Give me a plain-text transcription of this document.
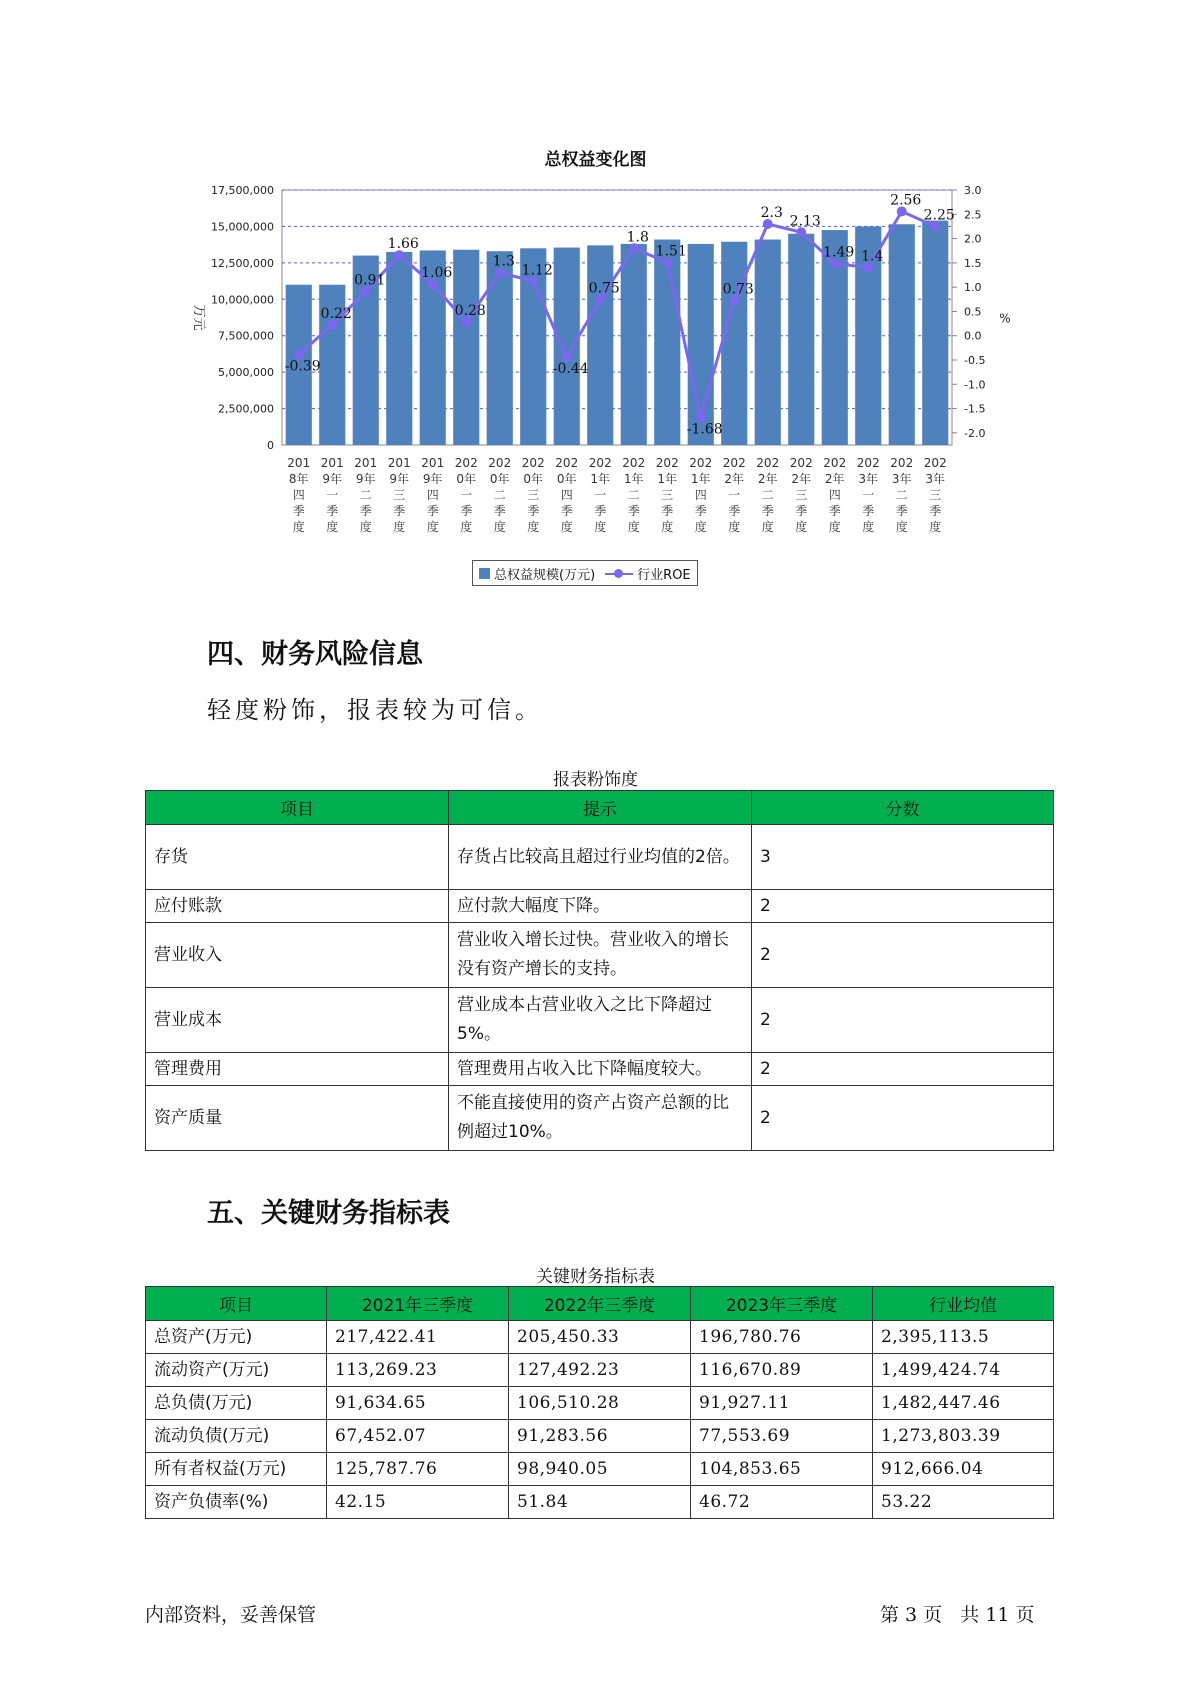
总权益变化图
0
2,500,000
5,000,000
7,500,000
10,000,000
12,500,000
15,000,000
17,500,000
万元
-2.0
-1.5
-1.0
-0.5
0.0
0.5
1.0
1.5
2.0
2.5
3.0
%
201
8年
四
季
度
201
9年
一
季
度
201
9年
二
季
度
201
9年
三
季
度
201
9年
四
季
度
202
0年
一
季
度
202
0年
二
季
度
202
0年
三
季
度
202
0年
四
季
度
202
1年
一
季
度
202
1年
二
季
度
202
1年
三
季
度
202
1年
四
季
度
202
2年
一
季
度
202
2年
二
季
度
202
2年
三
季
度
202
2年
四
季
度
202
3年
一
季
度
202
3年
二
季
度
202
3年
三
季
度
-0.39
0.22
0.91
1.66
1.06
0.28
1.3
1.12
-0.44
0.75
1.8
1.51
-1.68
0.73
2.3
2.13
1.49 1.4
2.56
2.25
总权益规模(万元)	行业ROE
四、财务风险信息
轻度粉饰，报表较为可信。
报表粉饰度
项目	提示	分数
存货	存货占比较高且超过行业均值的2倍。	3
应付账款	应付款大幅度下降。	2
营业收入	营业收入增长过快。营业收入的增长没有资产增长的支持。	2
营业成本	营业成本占营业收入之比下降超过5%。	2
管理费用	管理费用占收入比下降幅度较大。	2
资产质量	不能直接使用的资产占资产总额的比例超过10%。	2
五、关键财务指标表
关键财务指标表
项目	2021年三季度	2022年三季度	2023年三季度	行业均值
总资产(万元)	217,422.41	205,450.33	196,780.76	2,395,113.5
流动资产(万元)	113,269.23	127,492.23	116,670.89	1,499,424.74
总负债(万元)	91,634.65	106,510.28	91,927.11	1,482,447.46
流动负债(万元)	67,452.07	91,283.56	77,553.69	1,273,803.39
所有者权益(万元)	125,787.76	98,940.05	104,853.65	912,666.04
资产负债率(%)	42.15	51.84	46.72	53.22
内部资料，妥善保管	第 3 页   共 11 页
